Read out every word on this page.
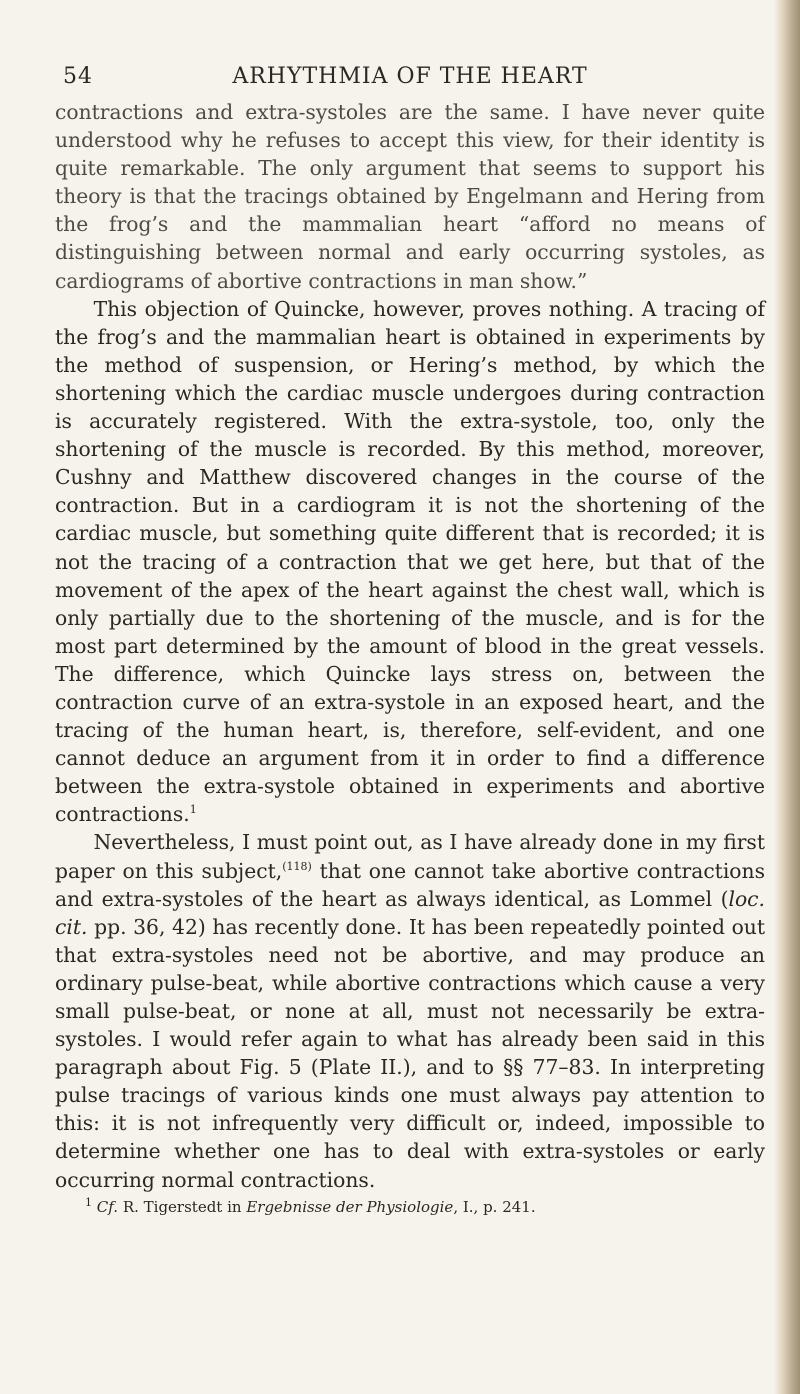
54	ARHYTHMIA OF THE HEART

contractions and extra-systoles are the same. I have never quite understood why he refuses to accept this view, for their identity is quite remarkable. The only argument that seems to support his theory is that the tracings obtained by Engelmann and Hering from the frog’s and the mammalian heart “afford no means of distinguishing between normal and early occurring systoles, as cardiograms of abortive contractions in man show.”

This objection of Quincke, however, proves nothing. A tracing of the frog’s and the mammalian heart is obtained in experiments by the method of suspension, or Hering’s method, by which the shortening which the cardiac muscle undergoes during contraction is accurately registered. With the extra-systole, too, only the shortening of the muscle is recorded. By this method, moreover, Cushny and Matthew discovered changes in the course of the contraction. But in a cardiogram it is not the shortening of the cardiac muscle, but something quite different that is recorded; it is not the tracing of a contraction that we get here, but that of the movement of the apex of the heart against the chest wall, which is only partially due to the shortening of the muscle, and is for the most part determined by the amount of blood in the great vessels. The difference, which Quincke lays stress on, between the contraction curve of an extra-systole in an exposed heart, and the tracing of the human heart, is, therefore, self-evident, and one cannot deduce an argument from it in order to find a difference between the extra-systole obtained in experiments and abortive contractions.$^1$

Nevertheless, I must point out, as I have already done in my first paper on this subject,$^{(118)}$ that one cannot take abortive contractions and extra-systoles of the heart as always identical, as Lommel (loc. cit. pp. 36, 42) has recently done. It has been repeatedly pointed out that extra-systoles need not be abortive, and may produce an ordinary pulse-beat, while abortive contractions which cause a very small pulse-beat, or none at all, must not necessarily be extra-systoles. I would refer again to what has already been said in this paragraph about Fig. 5 (Plate II.), and to §§ 77–83. In interpreting pulse tracings of various kinds one must always pay attention to this: it is not infrequently very difficult or, indeed, impossible to determine whether one has to deal with extra-systoles or early occurring normal contractions.

$^1$ Cf. R. Tigerstedt in Ergebnisse der Physiologie, I., p. 241.
